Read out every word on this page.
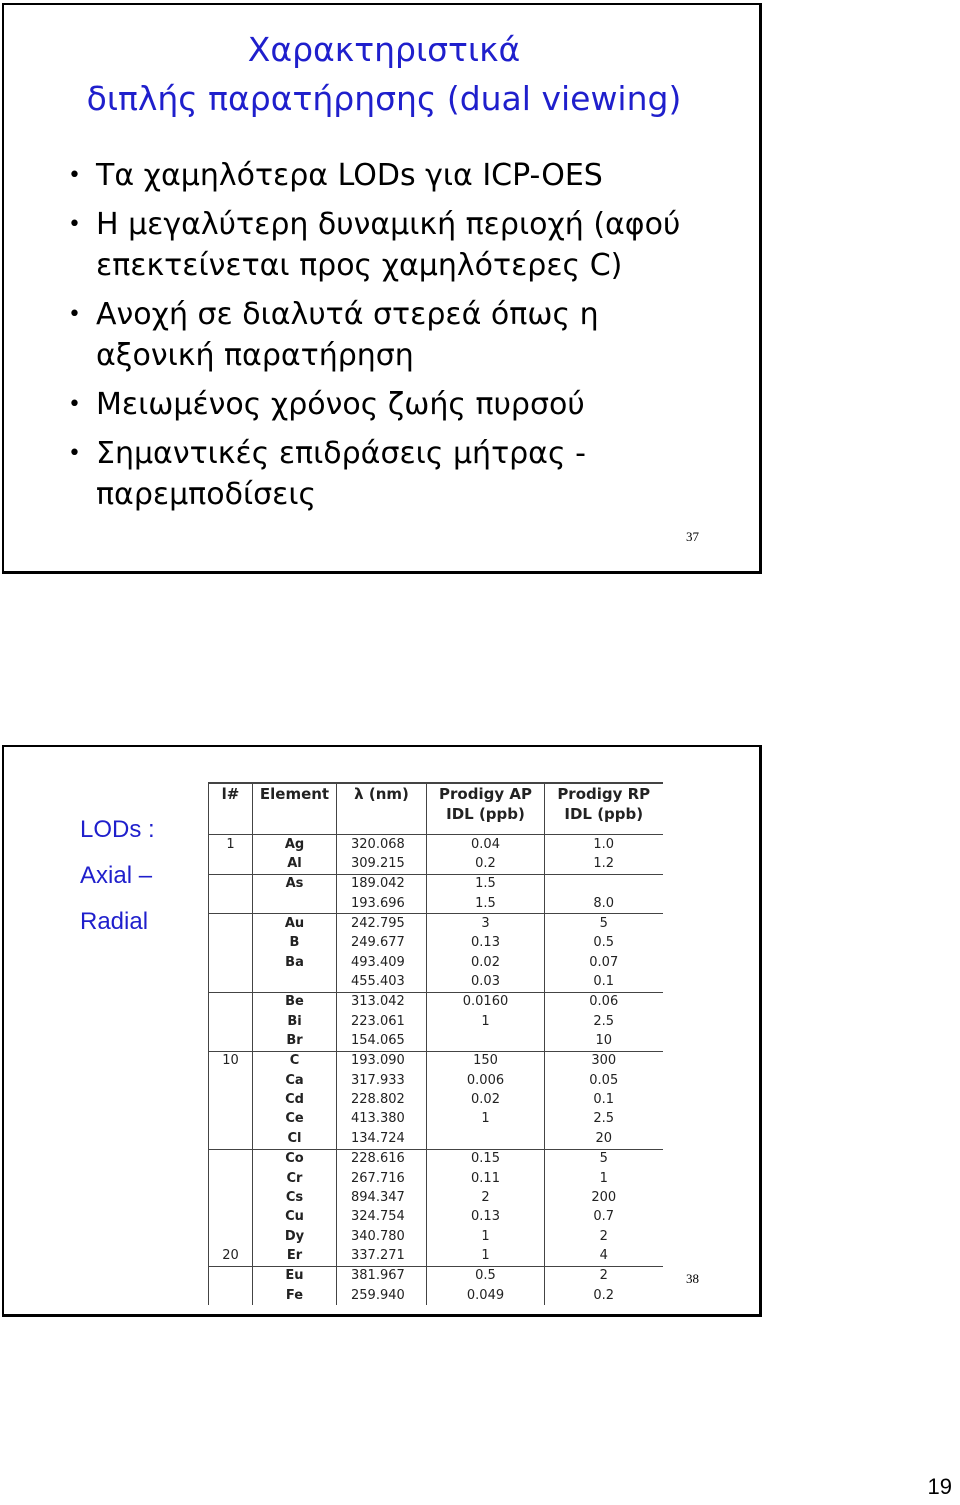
Χαρακτηριστικά
διπλής παρατήρησης (dual viewing)
• Τα χαμηλότερα LODs για ICP-OES
• Η μεγαλύτερη δυναμική περιοχή (αφού επεκτείνεται προς χαμηλότερες C)
• Ανοχή σε διαλυτά στερεά όπως η αξονική παρατήρηση
• Μειωμένος χρόνος ζωής πυρσού
• Σημαντικές επιδράσεις μήτρας - παρεμποδίσεις
37
LODs :
Axial –
Radial
l#	Element	λ (nm)	Prodigy AP IDL (ppb)	Prodigy RP IDL (ppb)
1	Ag	320.068	0.04	1.0
	Al	309.215	0.2	1.2
	As	189.042	1.5	
		193.696	1.5	8.0
	Au	242.795	3	5
	B	249.677	0.13	0.5
	Ba	493.409	0.02	0.07
		455.403	0.03	0.1
	Be	313.042	0.0160	0.06
	Bi	223.061	1	2.5
	Br	154.065		10
10	C	193.090	150	300
	Ca	317.933	0.006	0.05
	Cd	228.802	0.02	0.1
	Ce	413.380	1	2.5
	Cl	134.724		20
	Co	228.616	0.15	5
	Cr	267.716	0.11	1
	Cs	894.347	2	200
	Cu	324.754	0.13	0.7
	Dy	340.780	1	2
20	Er	337.271	1	4
	Eu	381.967	0.5	2
	Fe	259.940	0.049	0.2
38
19
